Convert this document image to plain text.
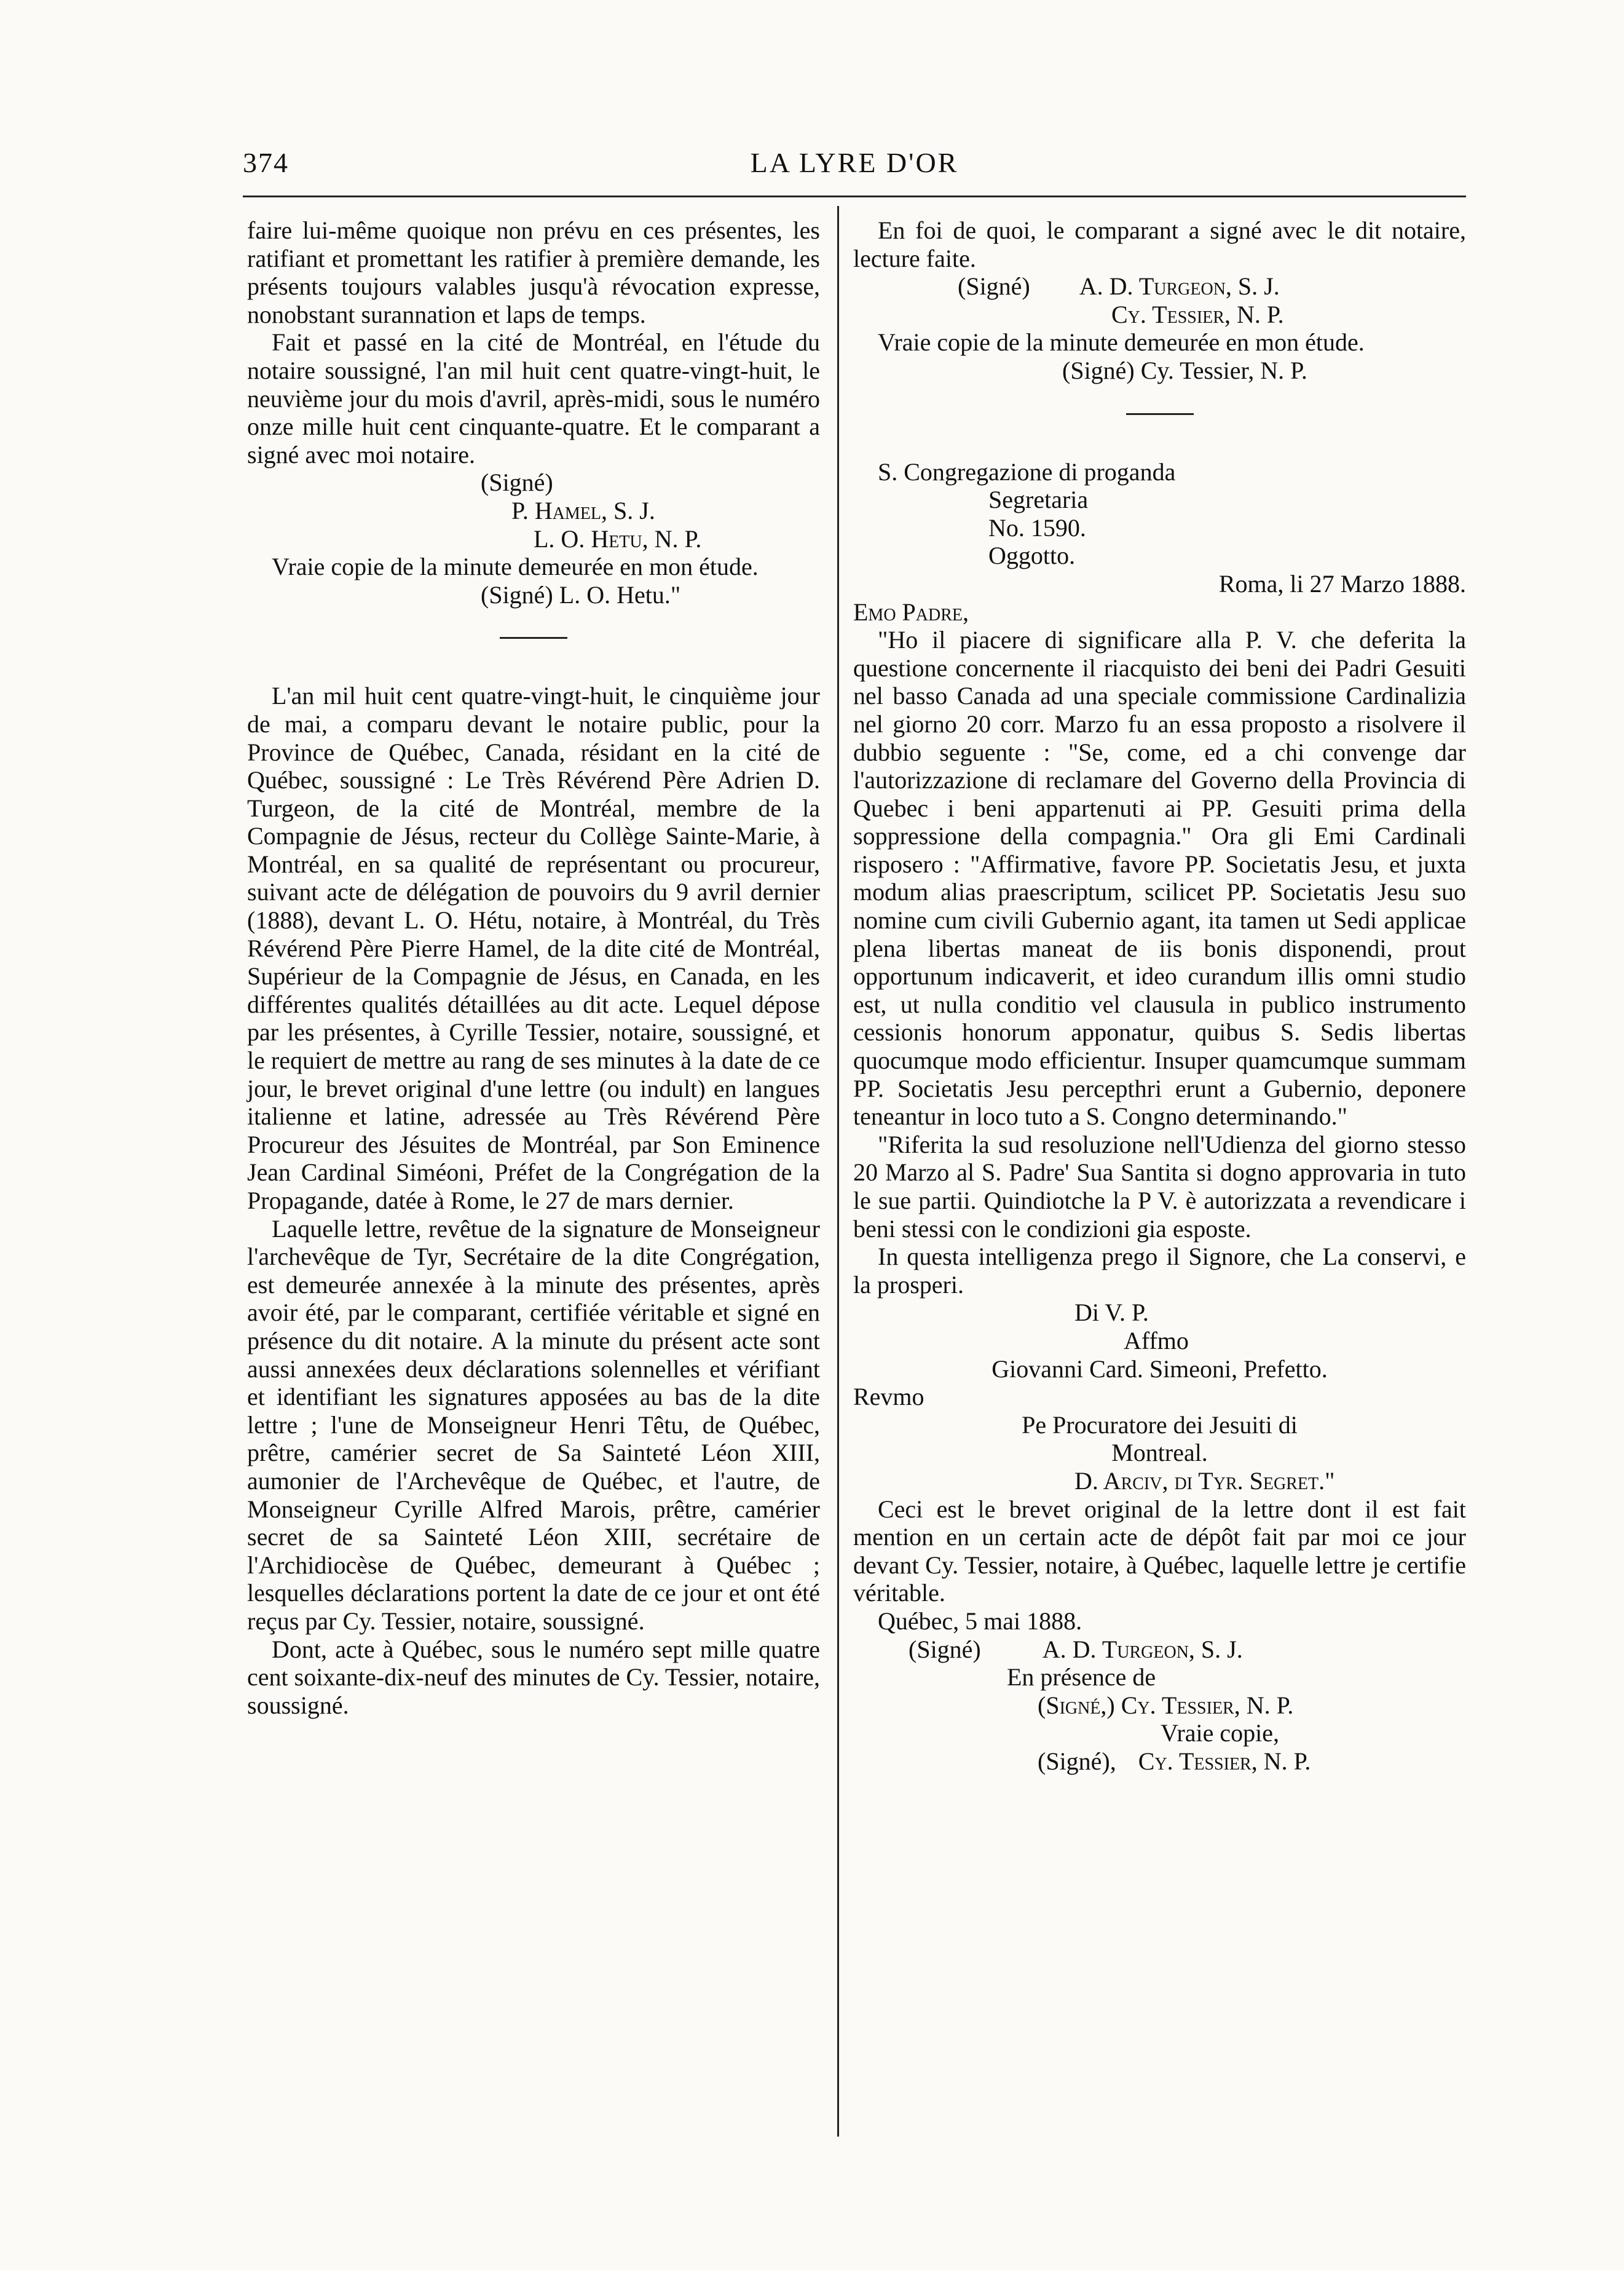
374	LA LYRE D'OR

faire lui-même quoique non prévu en ces présentes, les ratifiant et promettant les ratifier à première demande, les présents toujours valables jusqu'à révocation expresse, nonobstant surannation et laps de temps.

Fait et passé en la cité de Montréal, en l'étude du notaire soussigné, l'an mil huit cent quatre-vingt-huit, le neuvième jour du mois d'avril, après-midi, sous le numéro onze mille huit cent cinquante-quatre. Et le comparant a signé avec moi notaire.

(Signé)

P. Hamel, S. J.

L. O. Hetu, N. P.

Vraie copie de la minute demeurée en mon étude.

(Signé) L. O. Hetu."

L'an mil huit cent quatre-vingt-huit, le cinquième jour de mai, a comparu devant le notaire public, pour la Province de Québec, Canada, résidant en la cité de Québec, soussigné : Le Très Révérend Père Adrien D. Turgeon, de la cité de Montréal, membre de la Compagnie de Jésus, recteur du Collège Sainte-Marie, à Montréal, en sa qualité de représentant ou procureur, suivant acte de délégation de pouvoirs du 9 avril dernier (1888), devant L. O. Hétu, notaire, à Montréal, du Très Révérend Père Pierre Hamel, de la dite cité de Montréal, Supérieur de la Compagnie de Jésus, en Canada, en les différentes qualités détaillées au dit acte. Lequel dépose par les présentes, à Cyrille Tessier, notaire, soussigné, et le requiert de mettre au rang de ses minutes à la date de ce jour, le brevet original d'une lettre (ou indult) en langues italienne et latine, adressée au Très Révérend Père Procureur des Jésuites de Montréal, par Son Eminence Jean Cardinal Siméoni, Préfet de la Congrégation de la Propagande, datée à Rome, le 27 de mars dernier.

Laquelle lettre, revêtue de la signature de Monseigneur l'archevêque de Tyr, Secrétaire de la dite Congrégation, est demeurée annexée à la minute des présentes, après avoir été, par le comparant, certifiée véritable et signé en présence du dit notaire. A la minute du présent acte sont aussi annexées deux déclarations solennelles et vérifiant et identifiant les signatures apposées au bas de la dite lettre ; l'une de Monseigneur Henri Têtu, de Québec, prêtre, camérier secret de Sa Sainteté Léon XIII, aumonier de l'Archevêque de Québec, et l'autre, de Monseigneur Cyrille Alfred Marois, prêtre, camérier secret de sa Sainteté Léon XIII, secrétaire de l'Archidiocèse de Québec, demeurant à Québec ; lesquelles déclarations portent la date de ce jour et ont été reçus par Cy. Tessier, notaire, soussigné.

Dont, acte à Québec, sous le numéro sept mille quatre cent soixante-dix-neuf des minutes de Cy. Tessier, notaire, soussigné.

En foi de quoi, le comparant a signé avec le dit notaire, lecture faite.

(Signé) A. D. Turgeon, S. J.

Cy. Tessier, N. P.

Vraie copie de la minute demeurée en mon étude.

(Signé) Cy. Tessier, N. P.

S. Congregazione di proganda

Segretaria

No. 1590.

Oggotto.

Roma, li 27 Marzo 1888.

Emo Padre,

"Ho il piacere di significare alla P. V. che deferita la questione concernente il riacquisto dei beni dei Padri Gesuiti nel basso Canada ad una speciale commissione Cardinalizia nel giorno 20 corr. Marzo fu an essa proposto a risolvere il dubbio seguente : "Se, come, ed a chi convenge dar l'autorizzazione di reclamare del Governo della Provincia di Quebec i beni appartenuti ai PP. Gesuiti prima della soppressione della compagnia." Ora gli Emi Cardinali risposero : "Affirmative, favore PP. Societatis Jesu, et juxta modum alias praescriptum, scilicet PP. Societatis Jesu suo nomine cum civili Gubernio agant, ita tamen ut Sedi applicae plena libertas maneat de iis bonis disponendi, prout opportunum indicaverit, et ideo curandum illis omni studio est, ut nulla conditio vel clausula in publico instrumento cessionis honorum apponatur, quibus S. Sedis libertas quocumque modo efficientur. Insuper quamcumque summam PP. Societatis Jesu percepthri erunt a Gubernio, deponere teneantur in loco tuto a S. Congno determinando."

"Riferita la sud resoluzione nell'Udienza del giorno stesso 20 Marzo al S. Padre' Sua Santita si dogno approvaria in tuto le sue partii. Quindiotche la P V. è autorizzata a revendicare i beni stessi con le condizioni gia esposte.

In questa intelligenza prego il Signore, che La conservi, e la prosperi.

Di V. P.

Affmo

Giovanni Card. Simeoni, Prefetto.

Revmo

Pe Procuratore dei Jesuiti di

Montreal.

D. Arciv, di Tyr. Segret."

Ceci est le brevet original de la lettre dont il est fait mention en un certain acte de dépôt fait par moi ce jour devant Cy. Tessier, notaire, à Québec, laquelle lettre je certifie véritable.

Québec, 5 mai 1888.

(Signé)	A. D. Turgeon, S. J.

En présence de

(Signé,) Cy. Tessier, N. P.

Vraie copie,

(Signé), Cy. Tessier, N. P.
